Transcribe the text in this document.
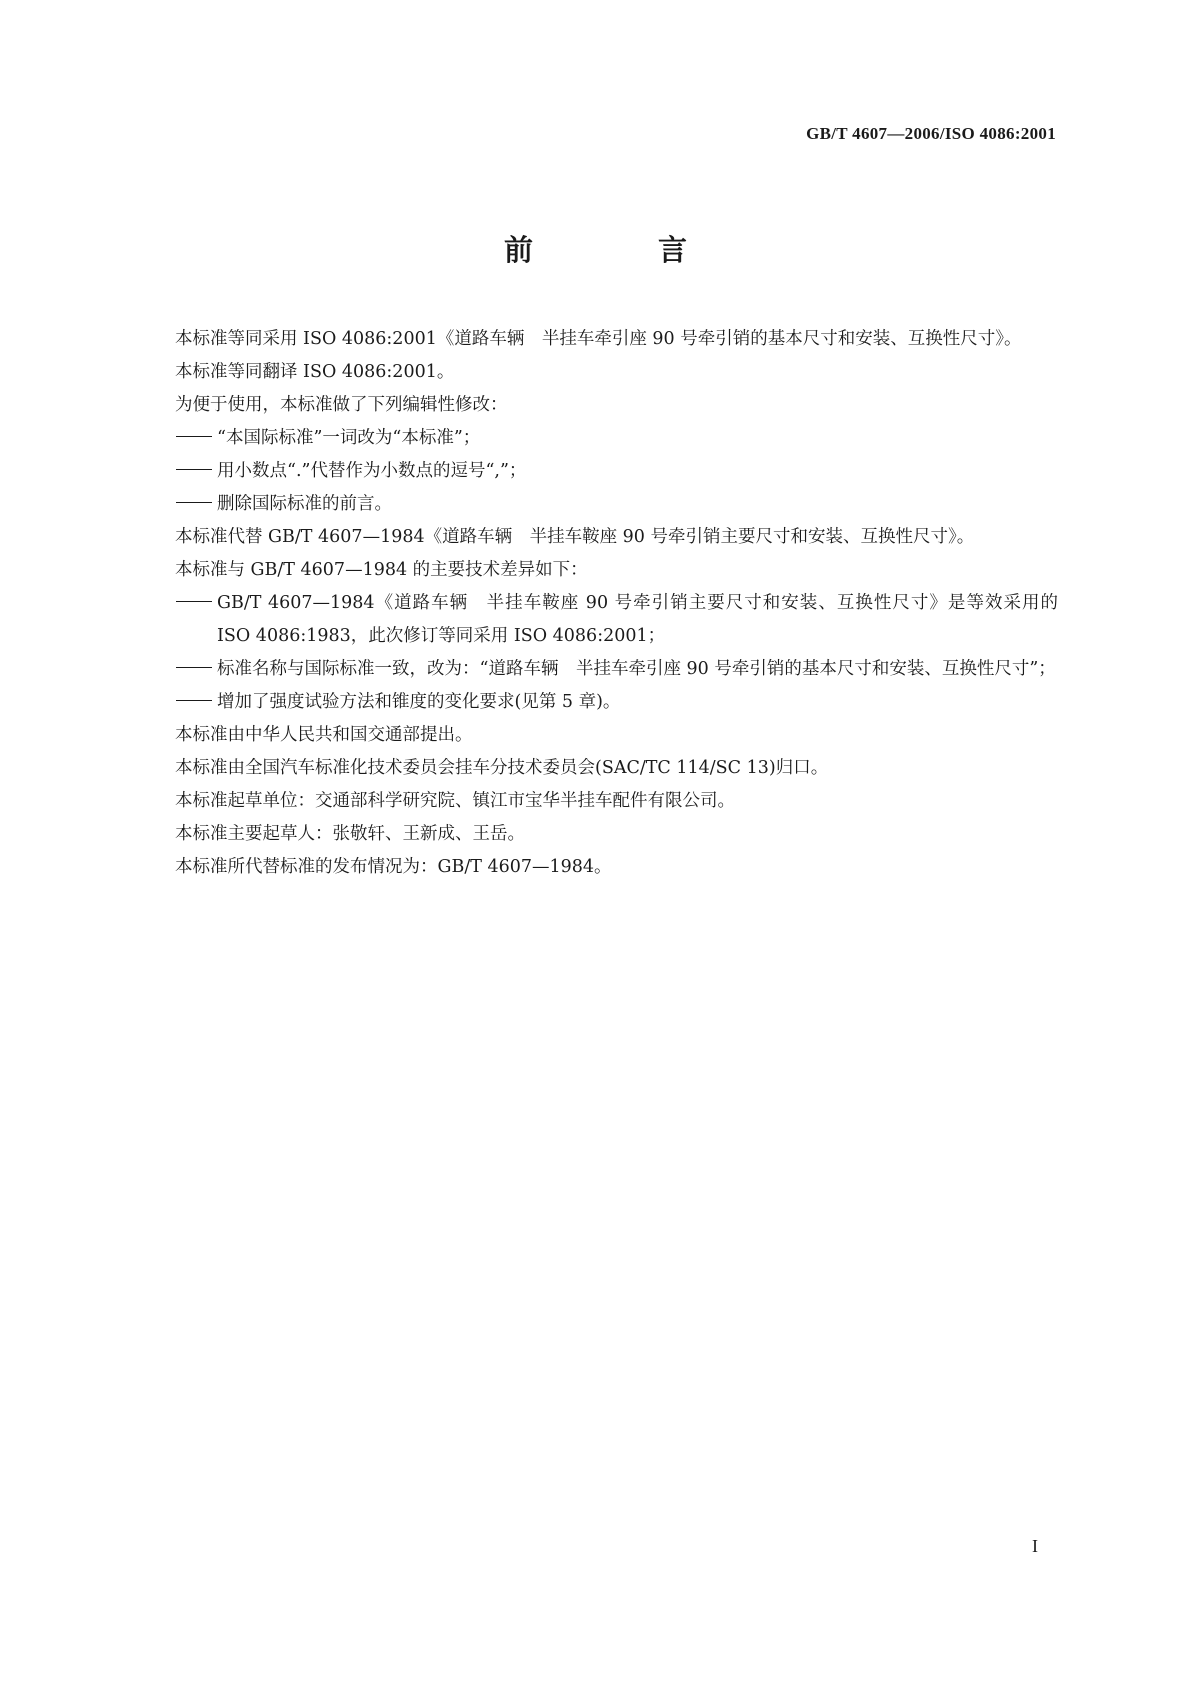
GB/T 4607—2006/ISO 4086:2001
前　言

本标准等同采用 ISO 4086:2001《道路车辆　半挂车牵引座 90 号牵引销的基本尺寸和安装、互换性尺寸》。

本标准等同翻译 ISO 4086:2001。

为便于使用，本标准做了下列编辑性修改：

“本国际标准”一词改为“本标准”；

用小数点“.”代替作为小数点的逗号“,”；

删除国际标准的前言。

本标准代替 GB/T 4607—1984《道路车辆　半挂车鞍座 90 号牵引销主要尺寸和安装、互换性尺寸》。

本标准与 GB/T 4607—1984 的主要技术差异如下：

GB/T 4607—1984《道路车辆　半挂车鞍座 90 号牵引销主要尺寸和安装、互换性尺寸》是等效采用的 ISO 4086:1983，此次修订等同采用 ISO 4086:2001；

标准名称与国际标准一致，改为：“道路车辆　半挂车牵引座 90 号牵引销的基本尺寸和安装、互换性尺寸”；

增加了强度试验方法和锥度的变化要求(见第 5 章)。

本标准由中华人民共和国交通部提出。

本标准由全国汽车标准化技术委员会挂车分技术委员会(SAC/TC 114/SC 13)归口。

本标准起草单位：交通部科学研究院、镇江市宝华半挂车配件有限公司。

本标准主要起草人：张敬轩、王新成、王岳。

本标准所代替标准的发布情况为：GB/T 4607—1984。

I
